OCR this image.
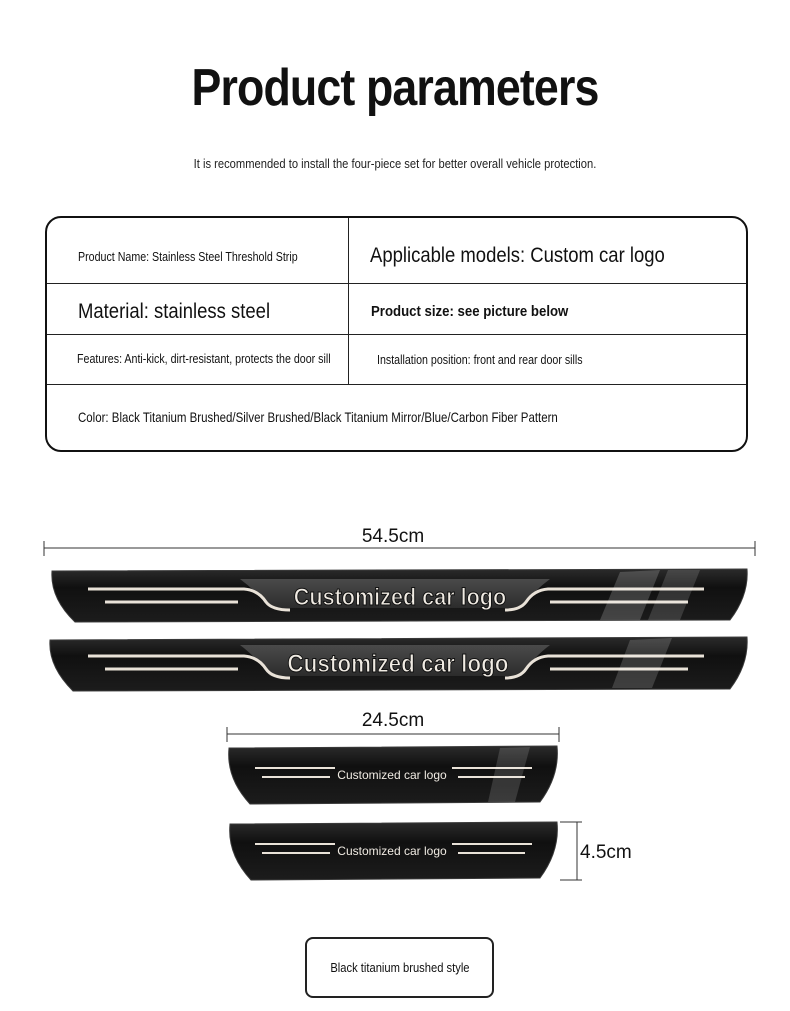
Product parameters
It is recommended to install the four-piece set for better overall vehicle protection.
Product Name: Stainless Steel Threshold Strip	Applicable models: Custom car logo
Material: stainless steel	Product size: see picture below
Features: Anti-kick, dirt-resistant, protects the door sill	Installation position: front and rear door sills
Color: Black Titanium Brushed/Silver Brushed/Black Titanium Mirror/Blue/Carbon Fiber Pattern
54.5cm
24.5cm
4.5cm
Customized car logo
Customized car logo
Customized car logo
Customized car logo
Black titanium brushed style
